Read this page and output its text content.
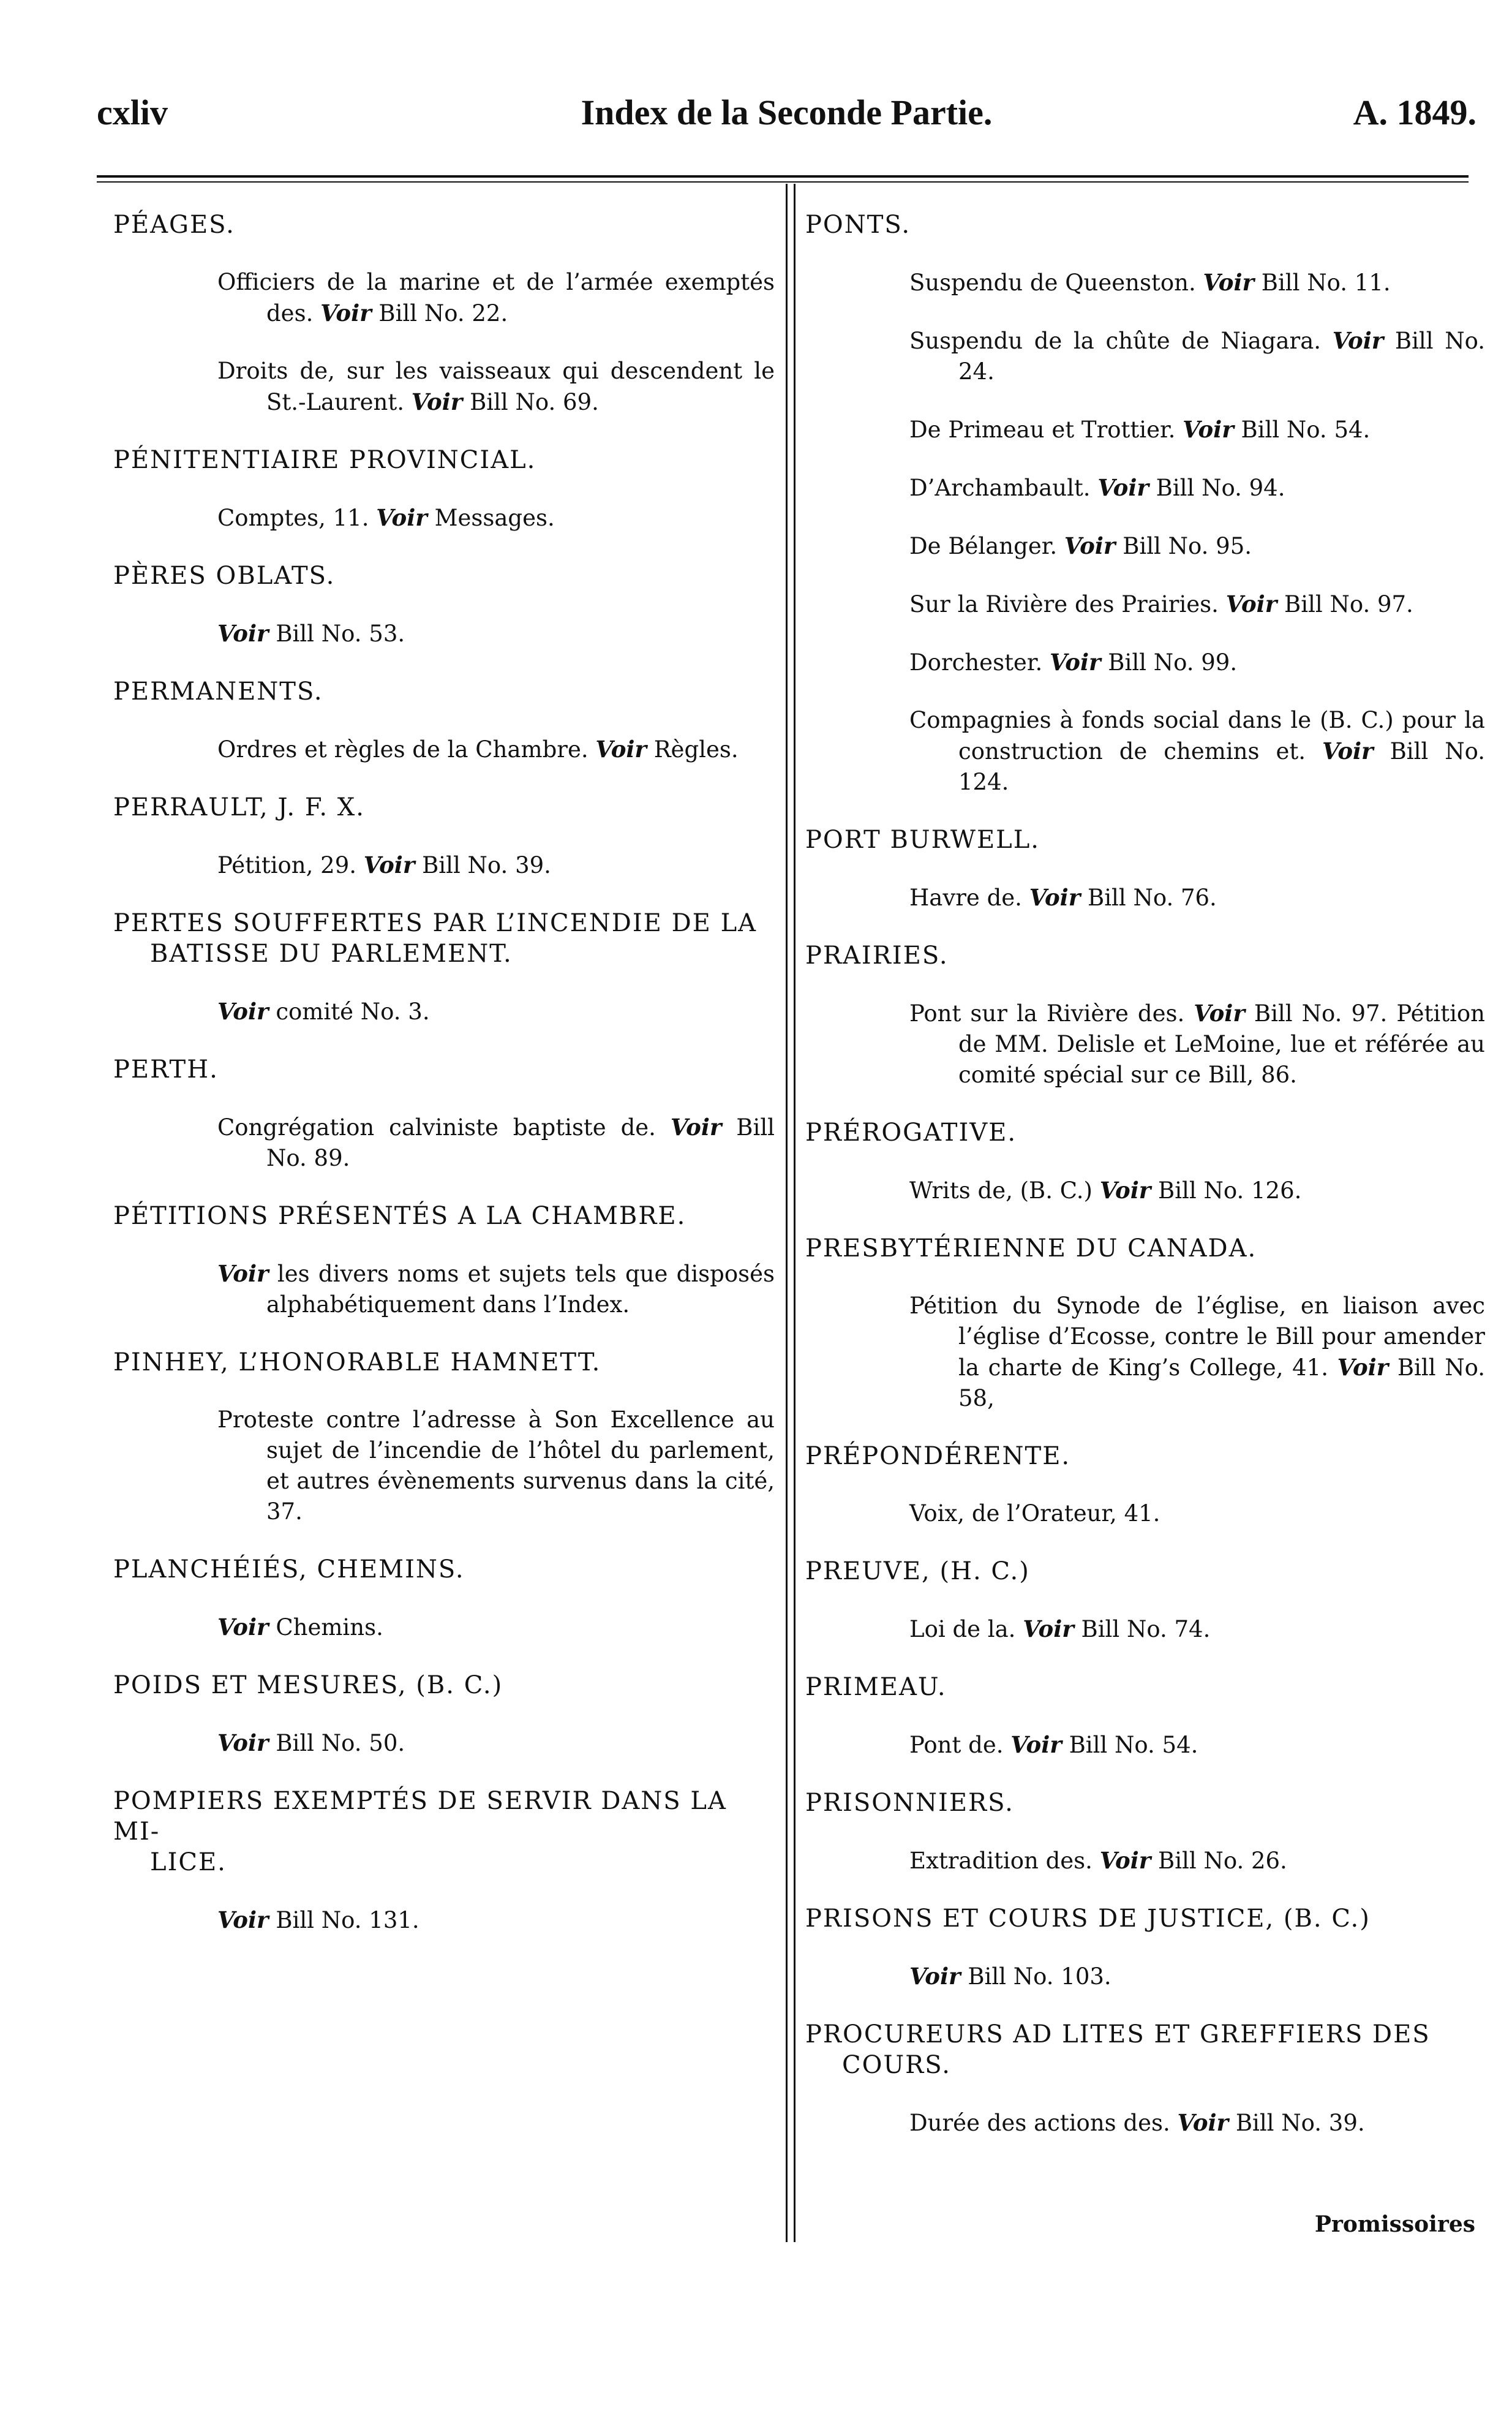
cxliv	Index de la Seconde Partie.	A. 1849.
PÉAGES.
Officiers de la marine et de l’armée exemptés des. Voir Bill No. 22.
Droits de, sur les vaisseaux qui descendent le St.-Laurent. Voir Bill No. 69.
PÉNITENTIAIRE PROVINCIAL.
Comptes, 11. Voir Messages.
PÈRES OBLATS.
Voir Bill No. 53.
PERMANENTS.
Ordres et règles de la Chambre. Voir Règles.
PERRAULT, J. F. X.
Pétition, 29. Voir Bill No. 39.
PERTES SOUFFERTES PAR L’INCENDIE DE LA
BATISSE DU PARLEMENT.
Voir comité No. 3.
PERTH.
Congrégation calviniste baptiste de. Voir Bill No. 89.
PÉTITIONS PRÉSENTÉS A LA CHAMBRE.
Voir les divers noms et sujets tels que disposés alphabétiquement dans l’Index.
PINHEY, L’HONORABLE HAMNETT.
Protestе contre l’adresse à Son Excellence au sujet de l’incendie de l’hôtel du parlement, et autres évènements survenus dans la cité, 37.
PLANCHÉIÉS, CHEMINS.
Voir Chemins.
POIDS ET MESURES, (B. C.)
Voir Bill No. 50.
POMPIERS EXEMPTÉS DE SERVIR DANS LA MI-
LICE.
Voir Bill No. 131.
PONTS.
Suspendu de Queenston. Voir Bill No. 11.
Suspendu de la chûte de Niagara. Voir Bill No. 24.
De Primeau et Trottier. Voir Bill No. 54.
D’Archambault. Voir Bill No. 94.
De Bélanger. Voir Bill No. 95.
Sur la Rivière des Prairies. Voir Bill No. 97.
Dorchester. Voir Bill No. 99.
Compagnies à fonds social dans le (B. C.) pour la construction de chemins et. Voir Bill No. 124.
PORT BURWELL.
Havre de. Voir Bill No. 76.
PRAIRIES.
Pont sur la Rivière des. Voir Bill No. 97. Pétition de MM. Delisle et LeMoine, lue et référée au comité spécial sur ce Bill, 86.
PRÉROGATIVE.
Writs de, (B. C.) Voir Bill No. 126.
PRESBYTÉRIENNE DU CANADA.
Pétition du Synode de l’église, en liaison avec l’église d’Ecosse, contre le Bill pour amender la charte de King’s College, 41. Voir Bill No. 58,
PRÉPONDÉRENTE.
Voix, de l’Orateur, 41.
PREUVE, (H. C.)
Loi de la. Voir Bill No. 74.
PRIMEAU.
Pont de. Voir Bill No. 54.
PRISONNIERS.
Extradition des. Voir Bill No. 26.
PRISONS ET COURS DE JUSTICE, (B. C.)
Voir Bill No. 103.
PROCUREURS AD LITES ET GREFFIERS DES
COURS.
Durée des actions des. Voir Bill No. 39.
Promissoires
